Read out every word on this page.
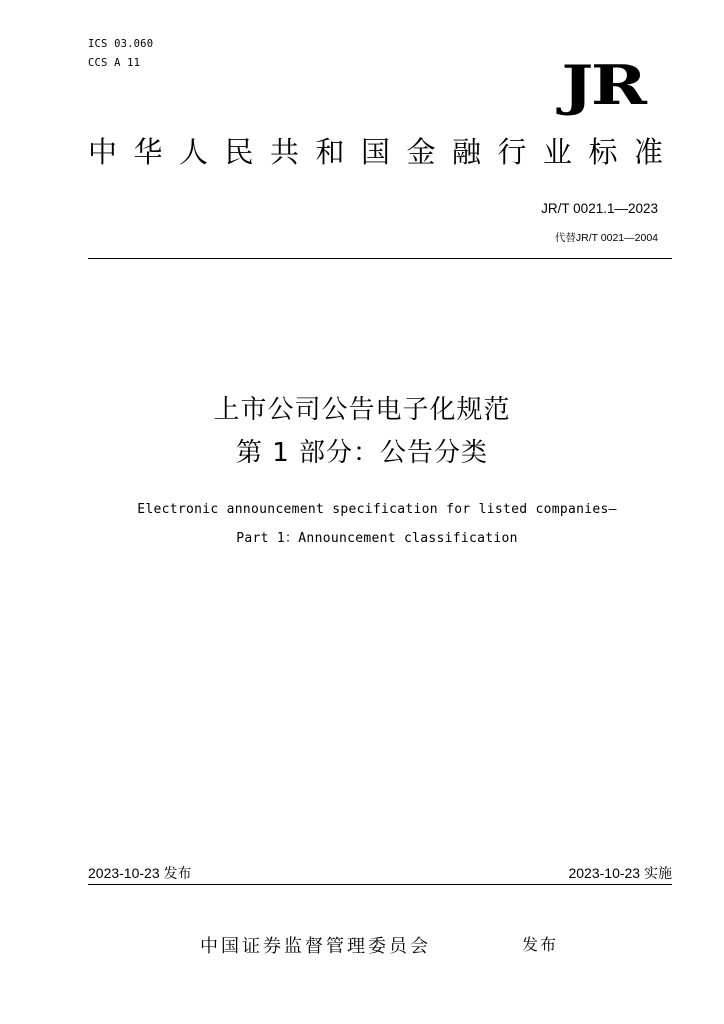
ICS 03.060
CCS A 11	JR
中华人民共和国金融行业标准
JR/T 0021.1—2023
代替JR/T 0021—2004
上市公司公告电子化规范
第 1 部分：公告分类
Electronic announcement specification for listed companies—
Part 1：Announcement classification
2023-10-23 发布	2023-10-23 实施
中国证券监督管理委员会	发布
